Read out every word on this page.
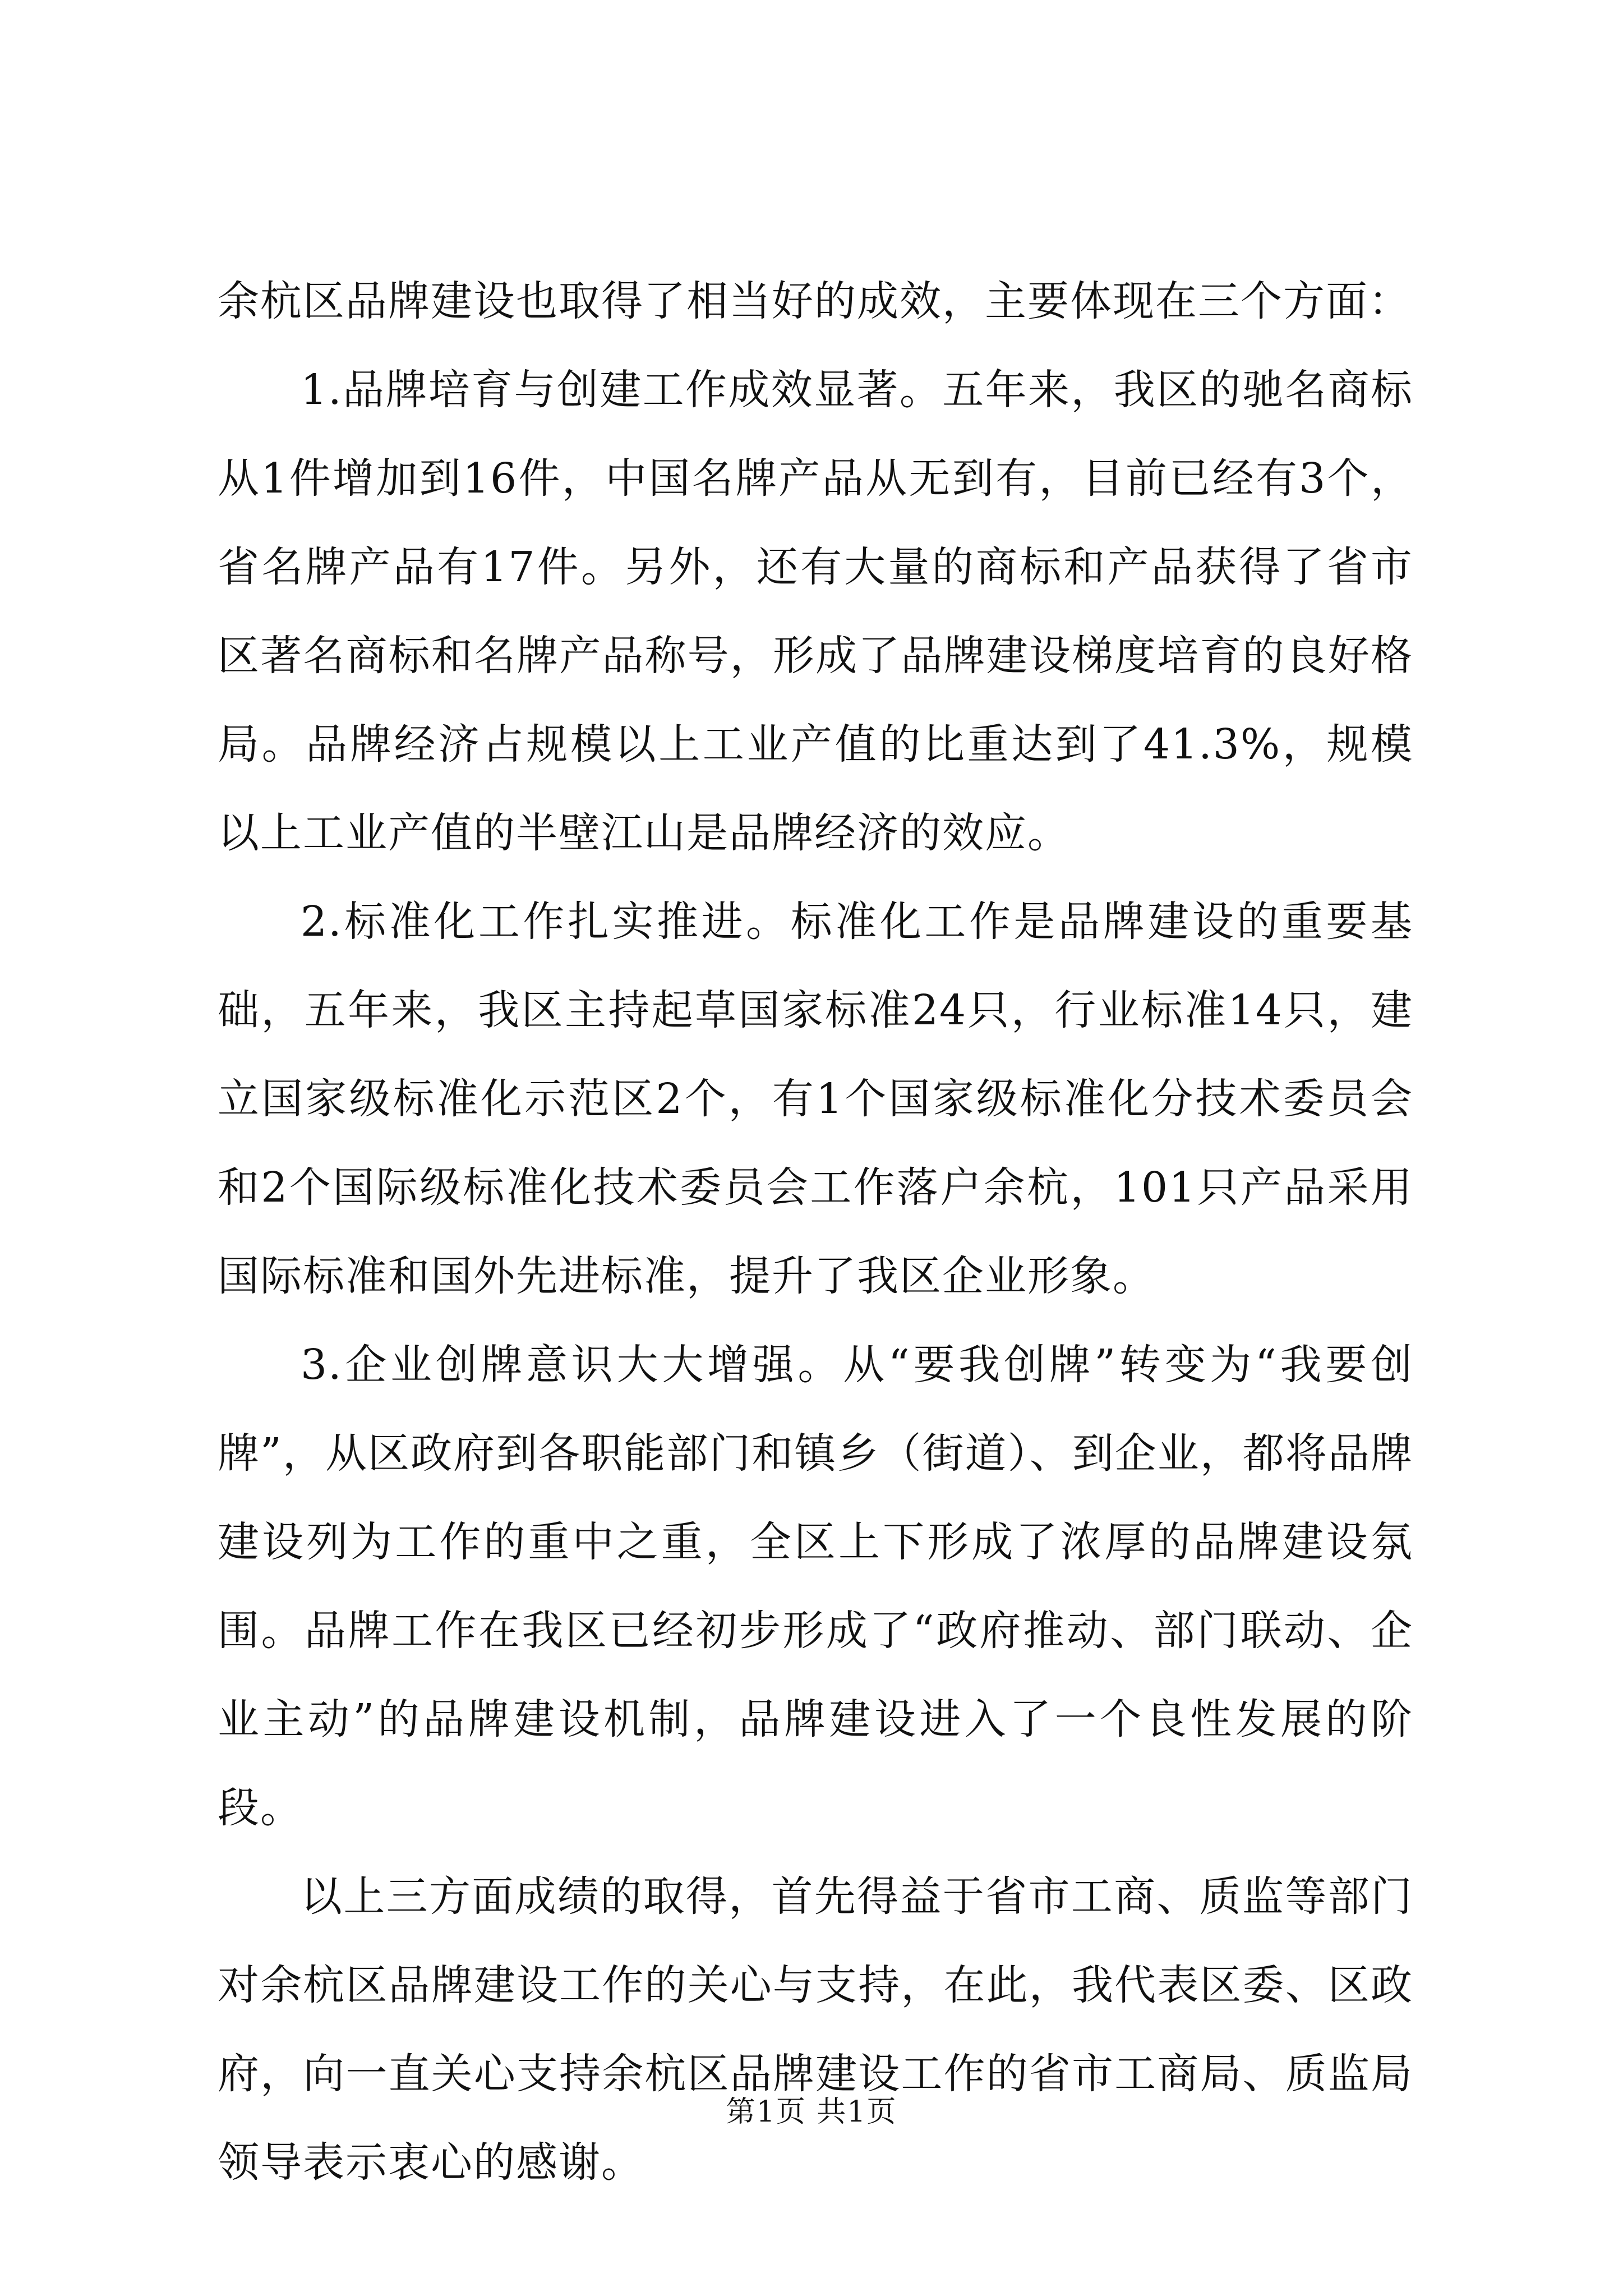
余杭区品牌建设也取得了相当好的成效，主要体现在三个方面：

1.品牌培育与创建工作成效显著。五年来，我区的驰名商标从1件增加到16件，中国名牌产品从无到有，目前已经有3个，省名牌产品有17件。另外，还有大量的商标和产品获得了省市区著名商标和名牌产品称号，形成了品牌建设梯度培育的良好格局。品牌经济占规模以上工业产值的比重达到了41.3%，规模以上工业产值的半壁江山是品牌经济的效应。

2.标准化工作扎实推进。标准化工作是品牌建设的重要基础，五年来，我区主持起草国家标准24只，行业标准14只，建立国家级标准化示范区2个，有1个国家级标准化分技术委员会和2个国际级标准化技术委员会工作落户余杭，101只产品采用国际标准和国外先进标准，提升了我区企业形象。

3.企业创牌意识大大增强。从“要我创牌”转变为“我要创牌”，从区政府到各职能部门和镇乡（街道）、到企业，都将品牌建设列为工作的重中之重，全区上下形成了浓厚的品牌建设氛围。品牌工作在我区已经初步形成了“政府推动、部门联动、企业主动”的品牌建设机制，品牌建设进入了一个良性发展的阶段。

以上三方面成绩的取得，首先得益于省市工商、质监等部门对余杭区品牌建设工作的关心与支持，在此，我代表区委、区政府，向一直关心支持余杭区品牌建设工作的省市工商局、质监局领导表示衷心的感谢。

第1页 共1页
